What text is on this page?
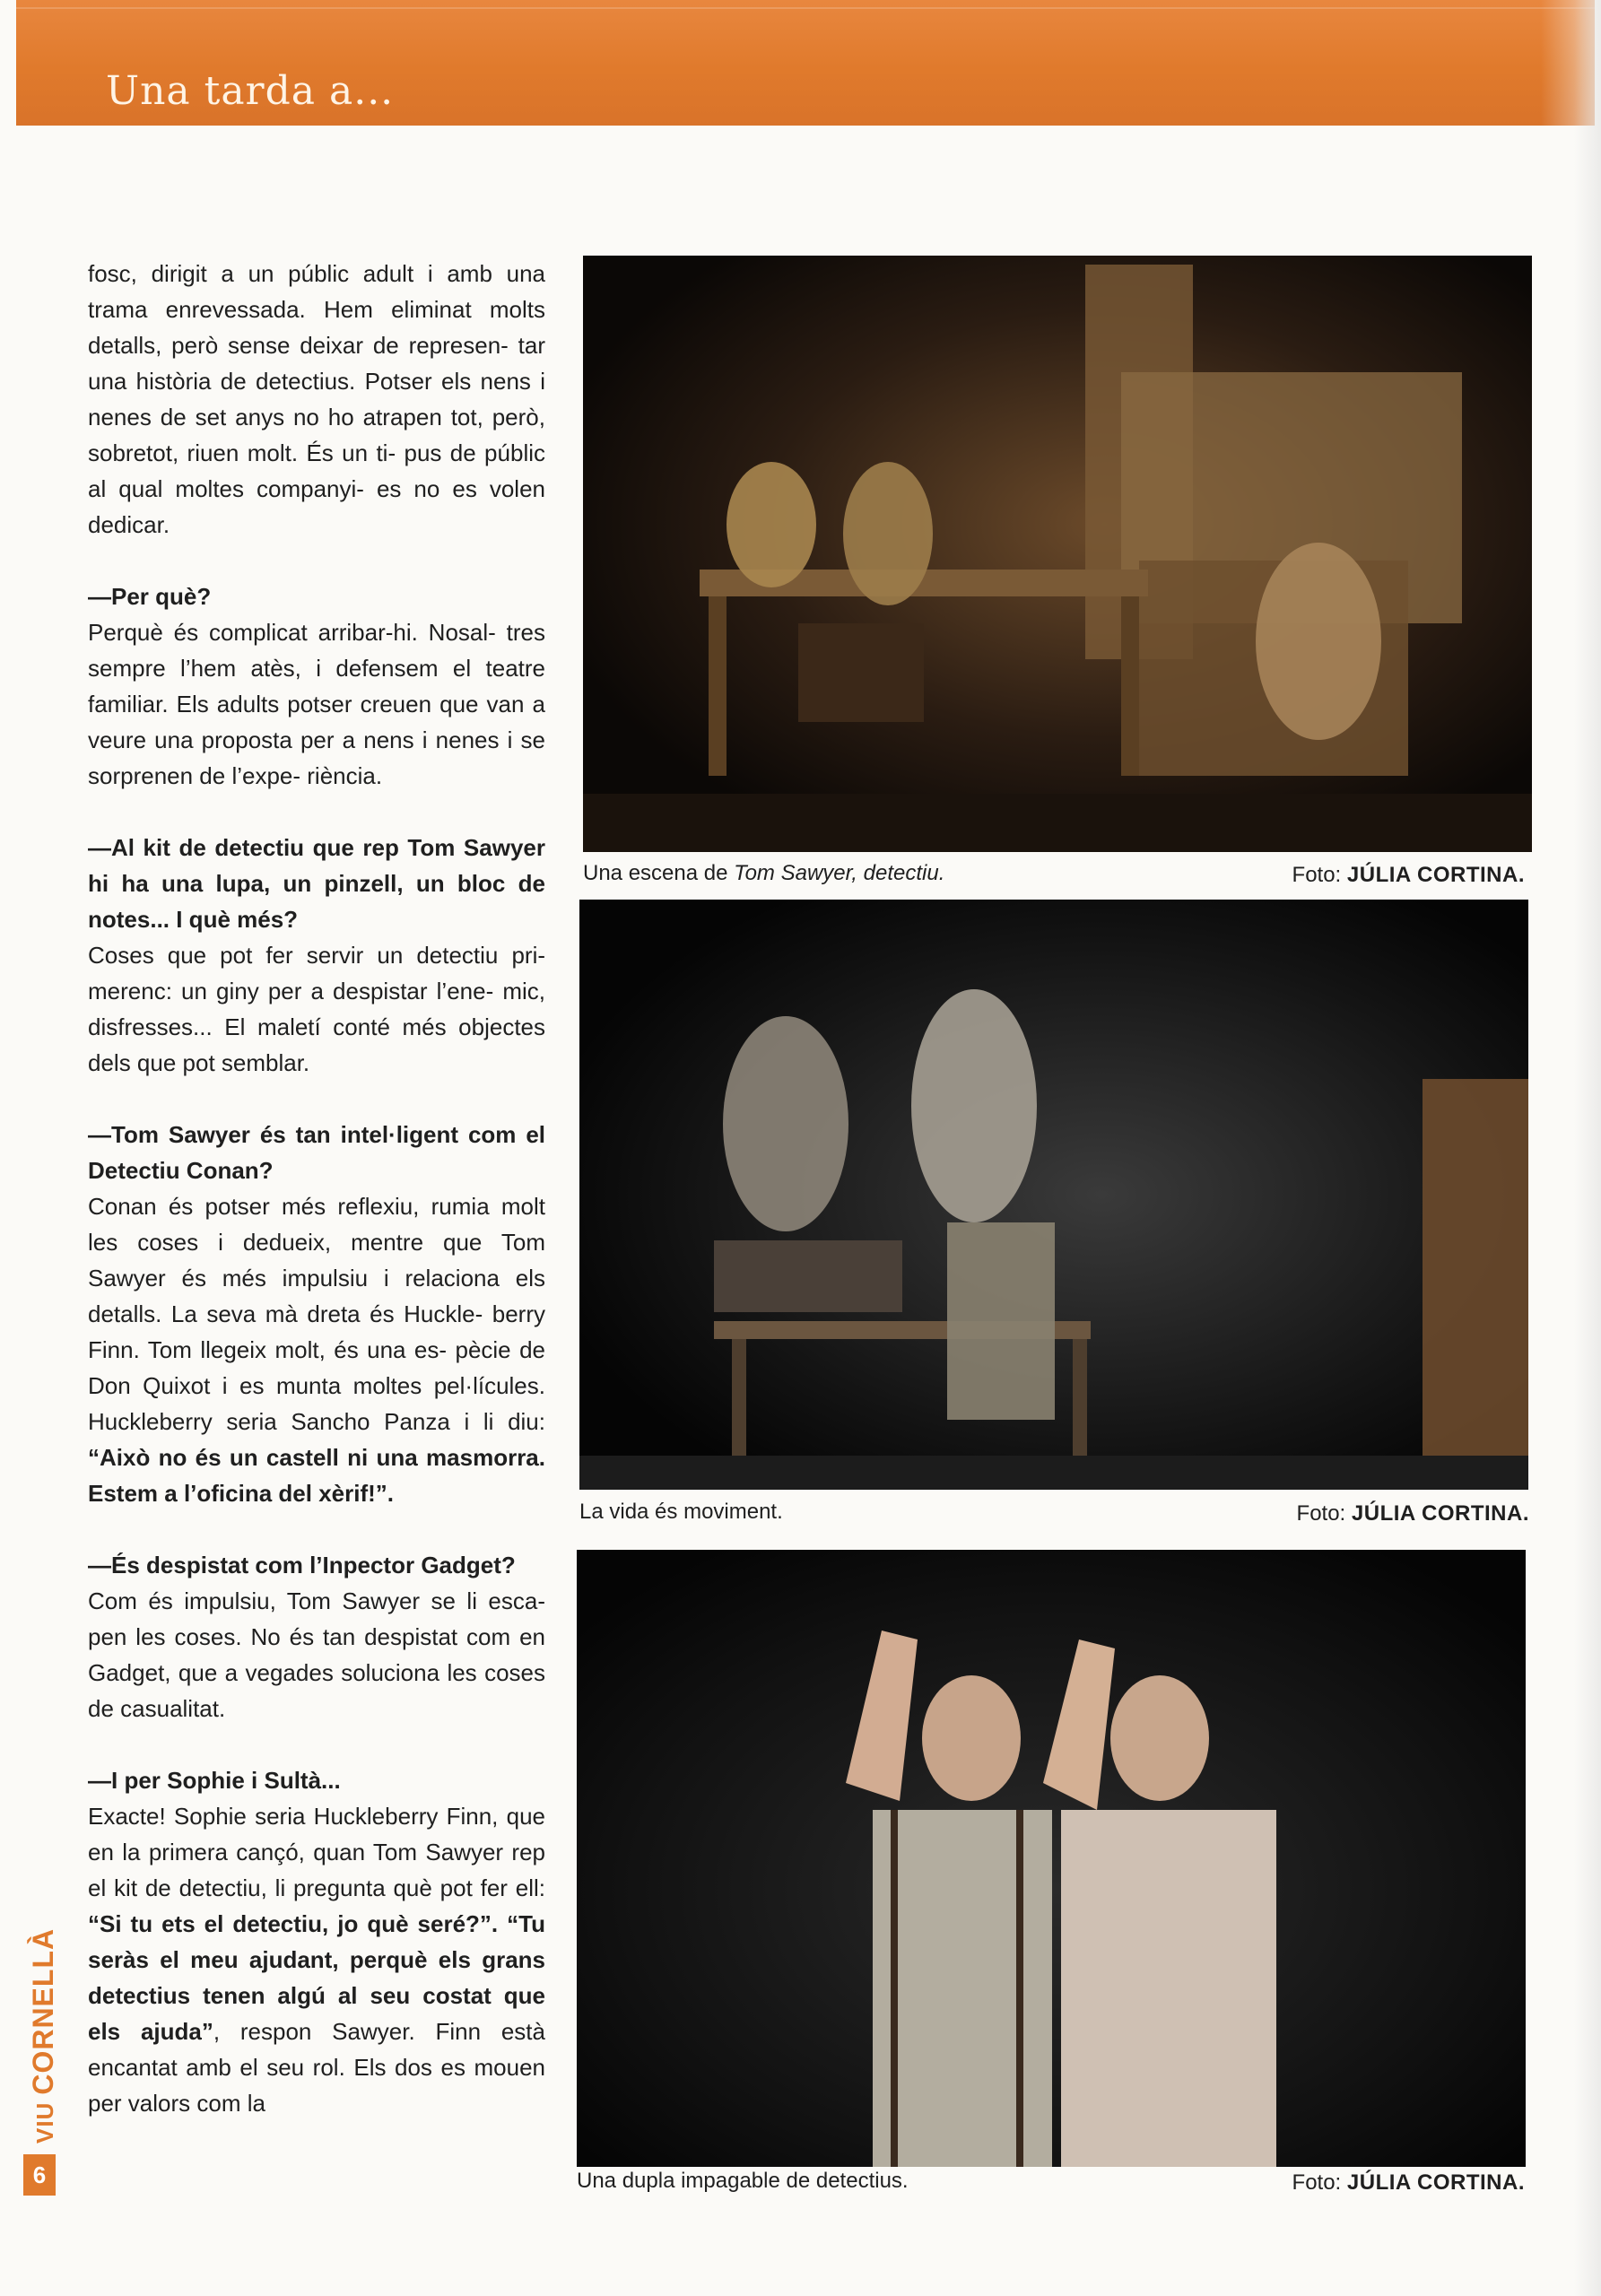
Una tarda a...

fosc, dirigit a un públic adult i amb una trama enrevessada. Hem eliminat molts detalls, però sense deixar de represen- tar una història de detectius. Potser els nens i nenes de set anys no ho atrapen tot, però, sobretot, riuen molt. És un ti- pus de públic al qual moltes companyi- es no es volen dedicar.

—Per què?

Perquè és complicat arribar-hi. Nosal- tres sempre l’hem atès, i defensem el teatre familiar. Els adults potser creuen que van a veure una proposta per a nens i nenes i se sorprenen de l’expe- riència.

—Al kit de detectiu que rep Tom Sawyer hi ha una lupa, un pinzell, un bloc de notes... I què més?

Coses que pot fer servir un detectiu pri- merenc: un giny per a despistar l’ene- mic, disfresses... El maletí conté més objectes dels que pot semblar.

—Tom Sawyer és tan intel·ligent com el Detectiu Conan?

Conan és potser més reflexiu, rumia molt les coses i dedueix, mentre que Tom Sawyer és més impulsiu i relaciona els detalls. La seva mà dreta és Huckle- berry Finn. Tom llegeix molt, és una es- pècie de Don Quixot i es munta moltes pel·lícules. Huckleberry seria Sancho Panza i li diu: “Això no és un castell ni una masmorra. Estem a l’oficina del xèrif!”.

—És despistat com l’Inpector Gadget?

Com és impulsiu, Tom Sawyer se li esca- pen les coses. No és tan despistat com en Gadget, que a vegades soluciona les coses de casualitat.

—I per Sophie i Sultà...

Exacte! Sophie seria Huckleberry Finn, que en la primera cançó, quan Tom Sawyer rep el kit de detectiu, li pregunta què pot fer ell: “Si tu ets el detectiu, jo què seré?”. “Tu seràs el meu ajudant, perquè els grans detectius tenen algú al seu costat que els ajuda”, respon Sawyer. Finn està encantat amb el seu rol. Els dos es mouen per valors com la

Una escena de Tom Sawyer, detectiu.	Foto: JÚLIA CORTINA.
La vida és moviment.	Foto: JÚLIA CORTINA.
Una dupla impagable de detectius.	Foto: JÚLIA CORTINA.
VIUCORNELLÀ
6
